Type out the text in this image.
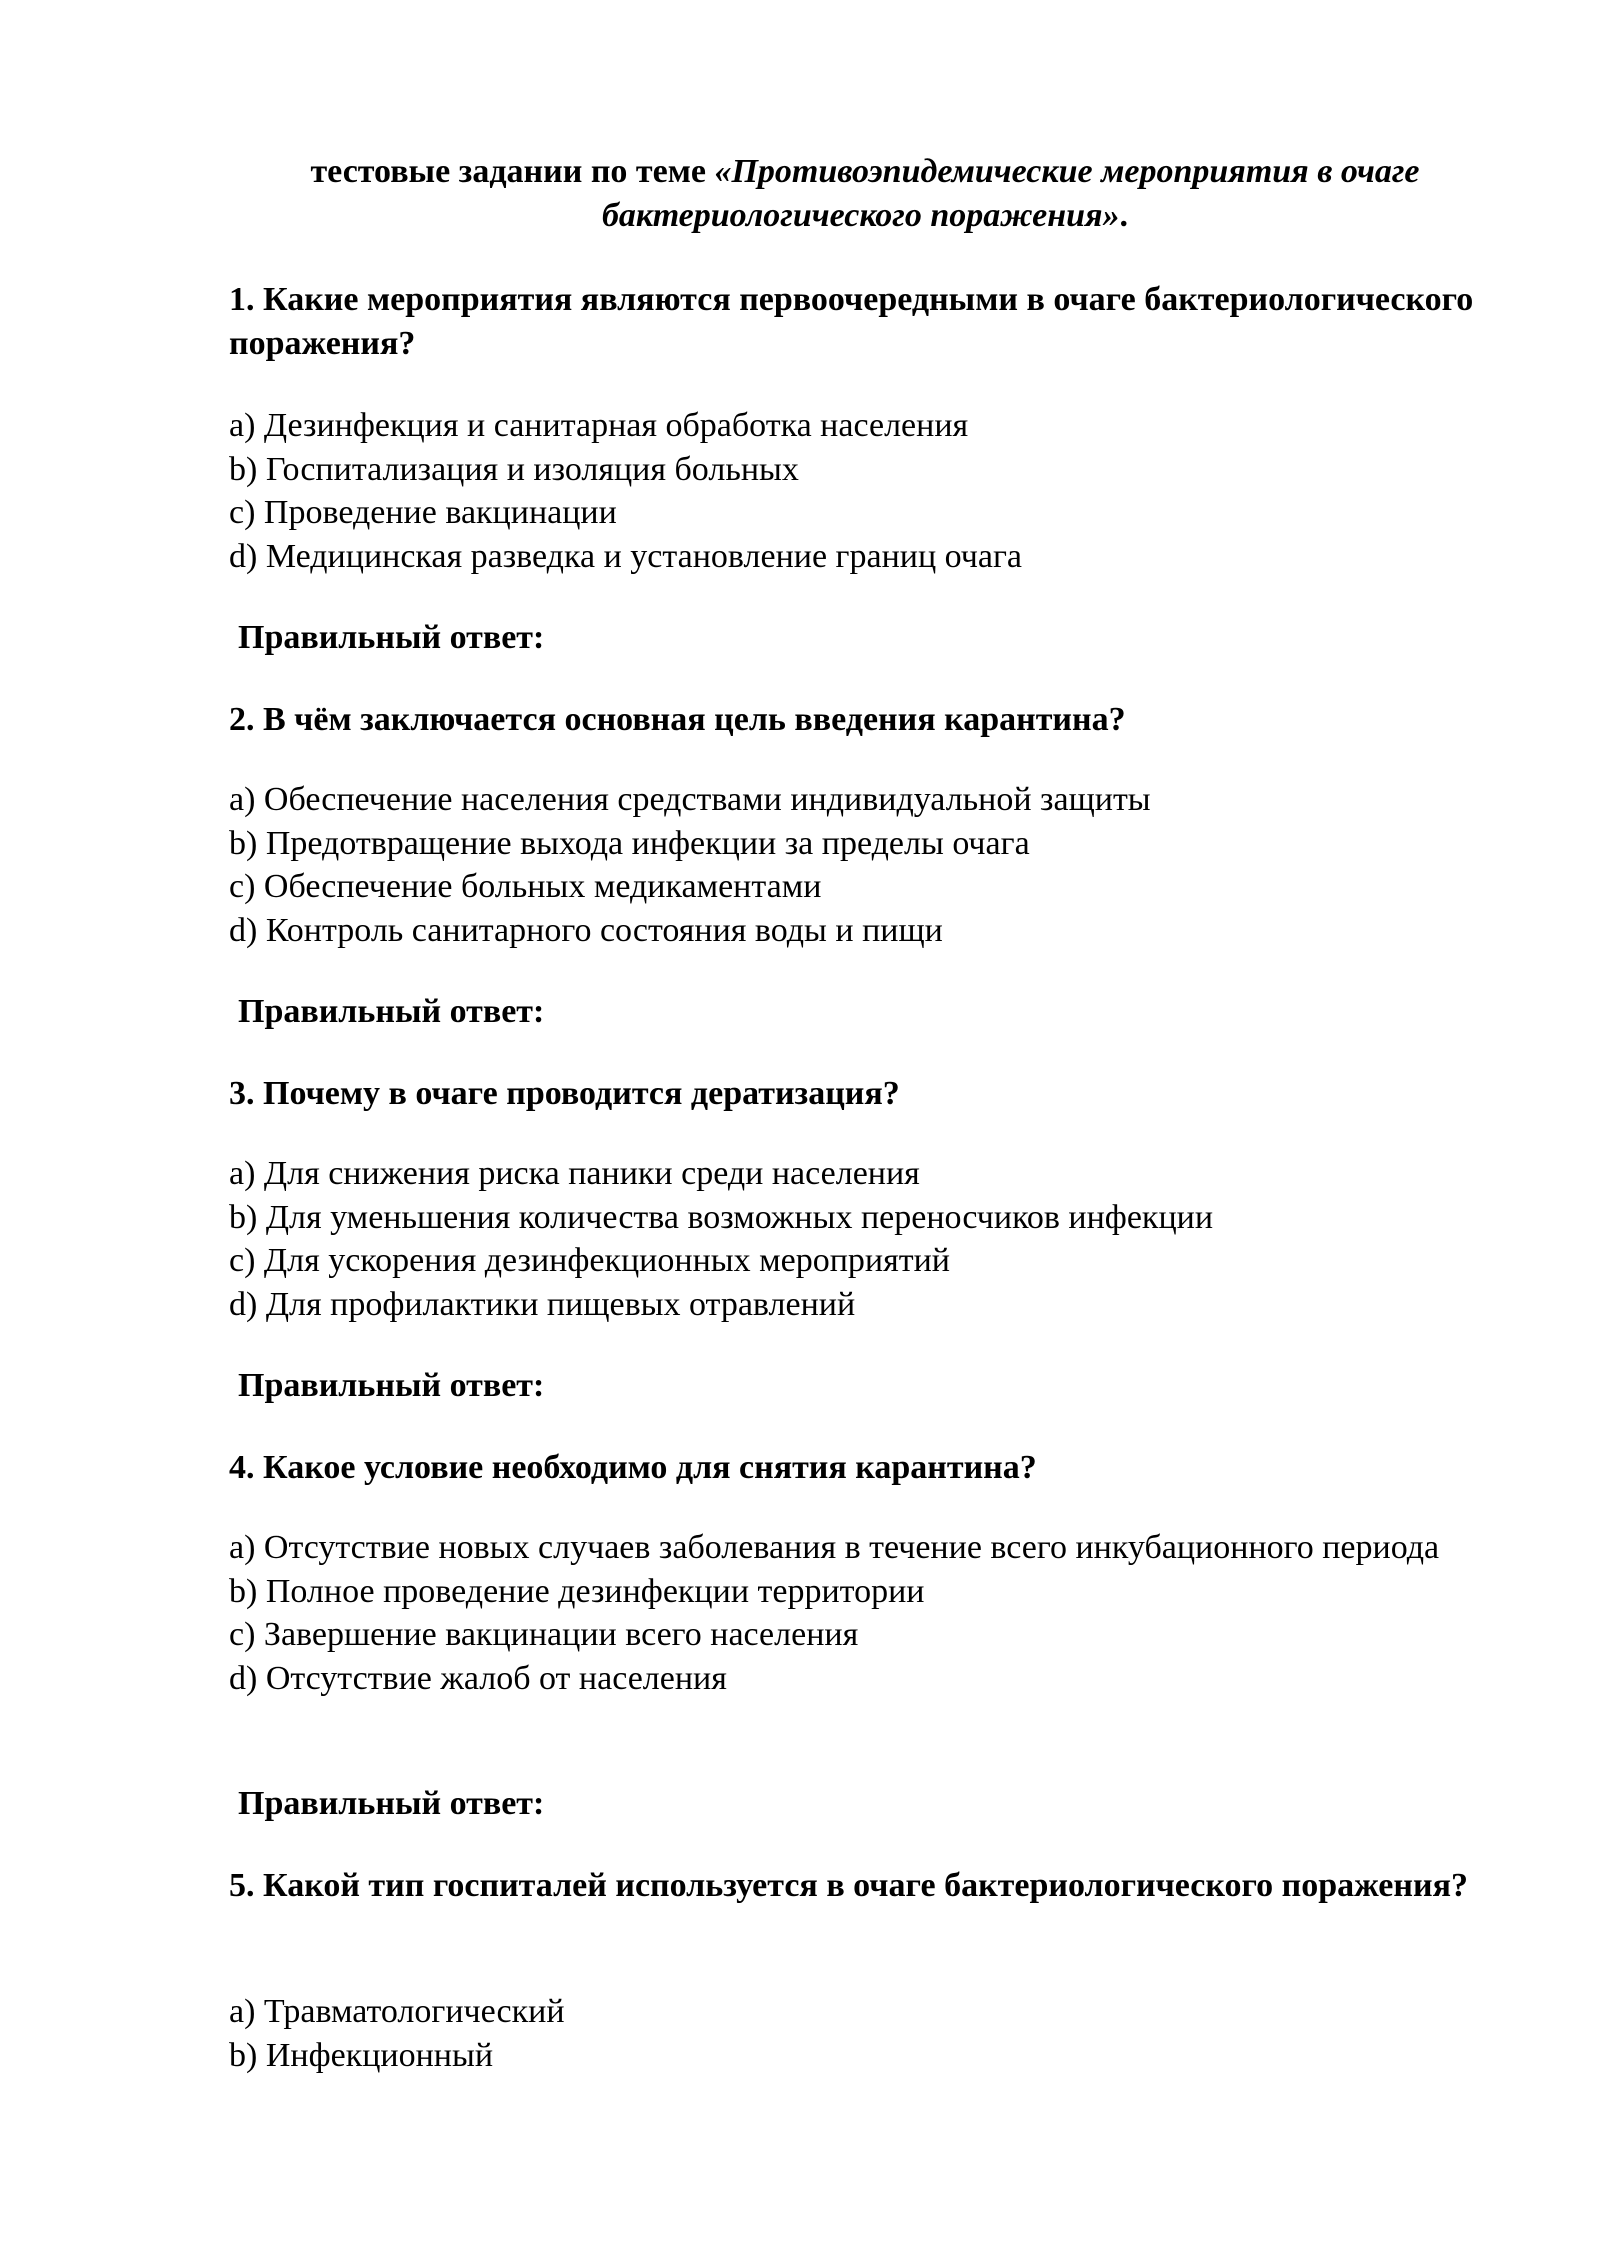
тестовые задании по теме «Противоэпидемические мероприятия в очаге бактериологического поражения».
1. Какие мероприятия являются первоочередными в очаге бактериологического поражения?
a) Дезинфекция и санитарная обработка населения
b) Госпитализация и изоляция больных
c) Проведение вакцинации
d) Медицинская разведка и установление границ очага
Правильный ответ:
2. В чём заключается основная цель введения карантина?
a) Обеспечение населения средствами индивидуальной защиты
b) Предотвращение выхода инфекции за пределы очага
c) Обеспечение больных медикаментами
d) Контроль санитарного состояния воды и пищи
Правильный ответ:
3. Почему в очаге проводится дератизация?
a) Для снижения риска паники среди населения
b) Для уменьшения количества возможных переносчиков инфекции
c) Для ускорения дезинфекционных мероприятий
d) Для профилактики пищевых отравлений
Правильный ответ:
4. Какое условие необходимо для снятия карантина?
a) Отсутствие новых случаев заболевания в течение всего инкубационного периода
b) Полное проведение дезинфекции территории
c) Завершение вакцинации всего населения
d) Отсутствие жалоб от населения
Правильный ответ:
5. Какой тип госпиталей используется в очаге бактериологического поражения?
a) Травматологический
b) Инфекционный
